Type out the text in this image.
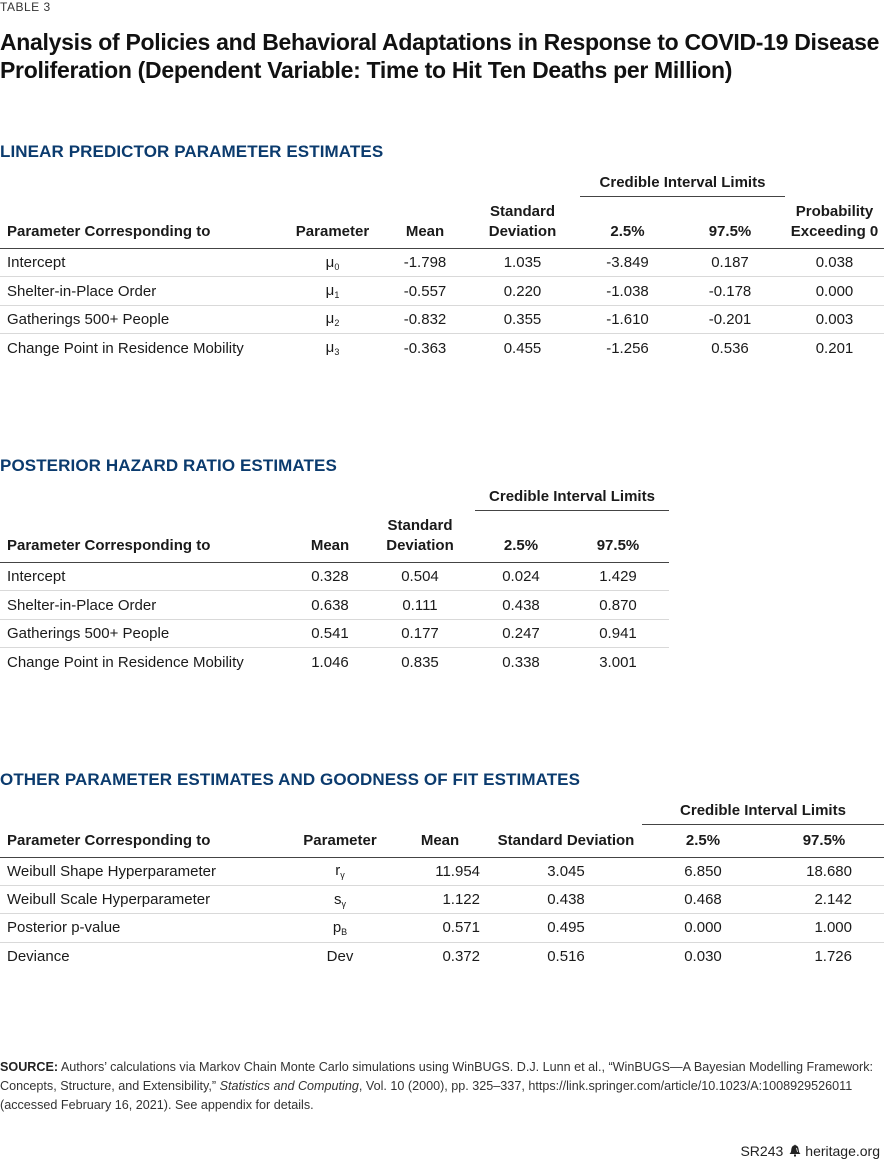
TABLE 3
Analysis of Policies and Behavioral Adaptations in Response to COVID-19 Disease Proliferation (Dependent Variable: Time to Hit Ten Deaths per Million)
LINEAR PREDICTOR PARAMETER ESTIMATES
				Credible Interval Limits		
Parameter Corresponding to	Parameter	Mean	Standard Deviation	2.5%	97.5%	Probability Exceeding 0
Intercept	$\mu_0$	-1.798	1.035	-3.849	0.187	0.038
Shelter-in-Place Order	$\mu_1$	-0.557	0.220	-1.038	-0.178	0.000
Gatherings 500+ People	$\mu_2$	-0.832	0.355	-1.610	-0.201	0.003
Change Point in Residence Mobility	$\mu_3$	-0.363	0.455	-1.256	0.536	0.201
POSTERIOR HAZARD RATIO ESTIMATES
			Credible Interval Limits	
Parameter Corresponding to	Mean	Standard Deviation	2.5%	97.5%
Intercept	0.328	0.504	0.024	1.429
Shelter-in-Place Order	0.638	0.111	0.438	0.870
Gatherings 500+ People	0.541	0.177	0.247	0.941
Change Point in Residence Mobility	1.046	0.835	0.338	3.001
OTHER PARAMETER ESTIMATES AND GOODNESS OF FIT ESTIMATES
				Credible Interval Limits	
Parameter Corresponding to	Parameter	Mean	Standard Deviation	2.5%	97.5%
Weibull Shape Hyperparameter	$r_\gamma$	11.954	3.045	6.850	18.680
Weibull Scale Hyperparameter	$s_\gamma$	1.122	0.438	0.468	2.142
Posterior p-value	$p_B$	0.571	0.495	0.000	1.000
Deviance	Dev	0.372	0.516	0.030	1.726
SOURCE: Authors’ calculations via Markov Chain Monte Carlo simulations using WinBUGS. D.J. Lunn et al., “WinBUGS—A Bayesian Modelling Framework: Concepts, Structure, and Extensibility,” Statistics and Computing, Vol. 10 (2000), pp. 325–337, https://link.springer.com/article/10.1023/A:1008929526011 (accessed February 16, 2021). See appendix for details.
SR243 heritage.org
